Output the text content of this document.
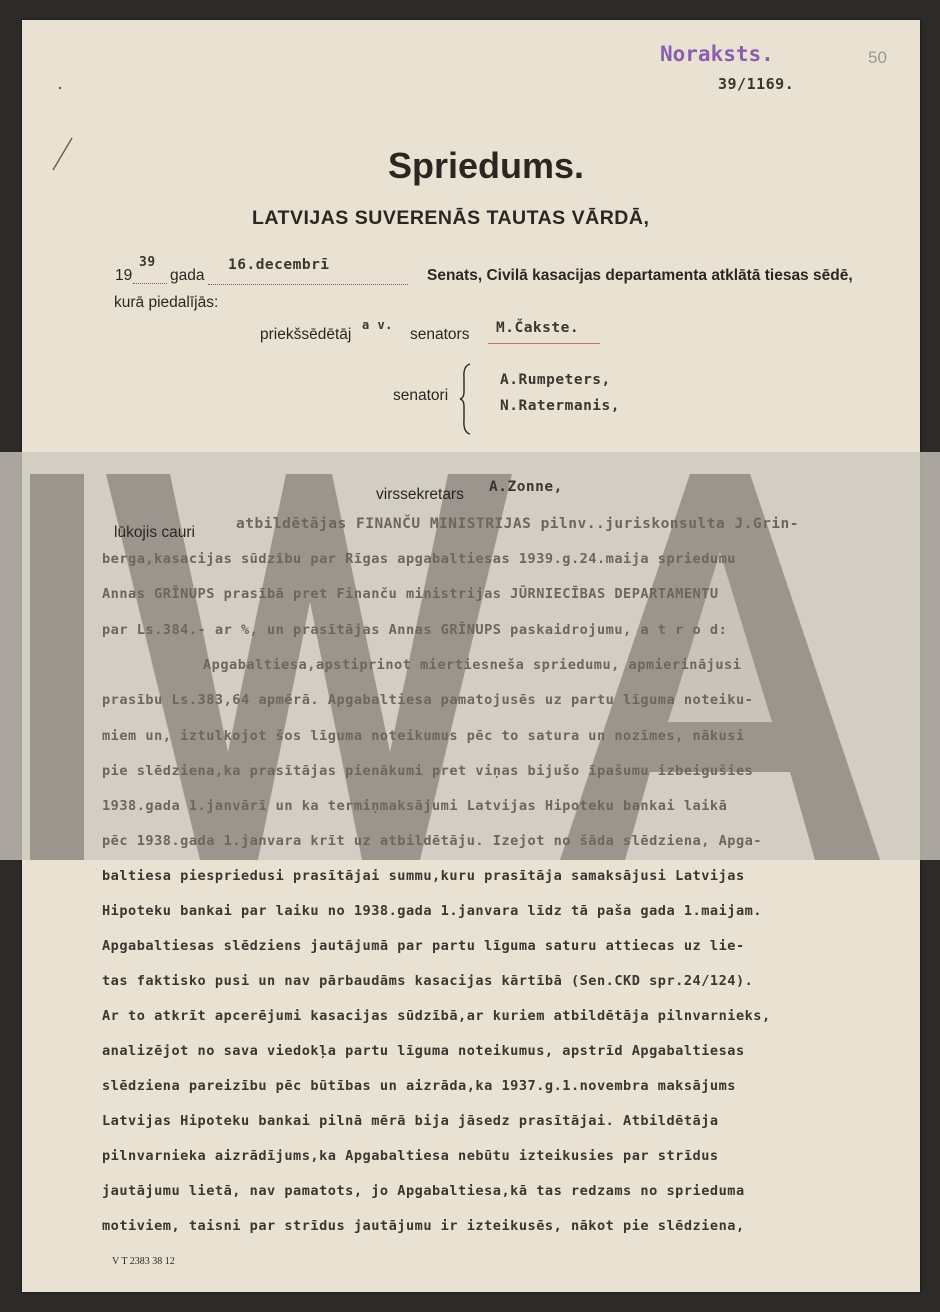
50
Noraksts.
39/1169.
Spriedums.
LATVIJAS SUVERENĀS TAUTAS VĀRDĀ,
19
39
gada
16.decembrī
Senats, Civilā kasacijas departamenta atklātā tiesas sēdē,
kurā piedalījās:
priekšsēdētāj
a v.
senators M.Čakste.
senatori
A.Rumpeters,
N.Ratermanis,
virssekretars A.Zonne,
lūkojis cauri	atbildētājas FINANČU MINISTRIJAS pilnv..juriskonsulta J.Grin-
berga,kasacijas sūdzību par Rīgas apgabaltiesas 1939.g.24.maija spriedumu
Annas GRĪNUPS prasībā pret Finanču ministrijas JŪRNIECĪBAS DEPARTAMENTU
par Ls.384.- ar %, un prasītājas Annas GRĪNUPS paskaidrojumu, a t r o d:
Apgabaltiesa,apstiprinot miertiesneša spriedumu, apmierinājusi
prasību Ls.383,64 apmērā. Apgabaltiesa pamatojusēs uz partu līguma noteiku-
miem un, iztulkojot šos līguma noteikumus pēc to satura un nozīmes, nākusi
pie slēdziena,ka prasītājas pienākumi pret viņas bijušo īpašumu izbeigušies
1938.gada 1.janvārī un ka termiņmaksājumi Latvijas Hipoteku bankai laikā
pēc 1938.gada 1.janvara krīt uz atbildētāju. Izejot no šāda slēdziena, Apga-
baltiesa piespriedusi prasītājai summu,kuru prasītāja samaksājusi Latvijas
Hipoteku bankai par laiku no 1938.gada 1.janvara līdz tā paša gada 1.maijam.
Apgabaltiesas slēdziens jautājumā par partu līguma saturu attiecas uz lie-
tas faktisko pusi un nav pārbaudāms kasacijas kārtībā (Sen.CKD spr.24/124).
Ar to atkrīt apcerējumi kasacijas sūdzībā,ar kuriem atbildētāja pilnvarnieks,
analizējot no sava viedokļa partu līguma noteikumus, apstrīd Apgabaltiesas
slēdziena pareizību pēc būtības un aizrāda,ka 1937.g.1.novembra maksājums
Latvijas Hipoteku bankai pilnā mērā bija jāsedz prasītājai. Atbildētāja
pilnvarnieka aizrādījums,ka Apgabaltiesa nebūtu izteikusies par strīdus
jautājumu lietā, nav pamatots, jo Apgabaltiesa,kā tas redzams no sprieduma
motiviem, taisni par strīdus jautājumu ir izteikusēs, nākot pie slēdziena,
V T 2383 38 12
